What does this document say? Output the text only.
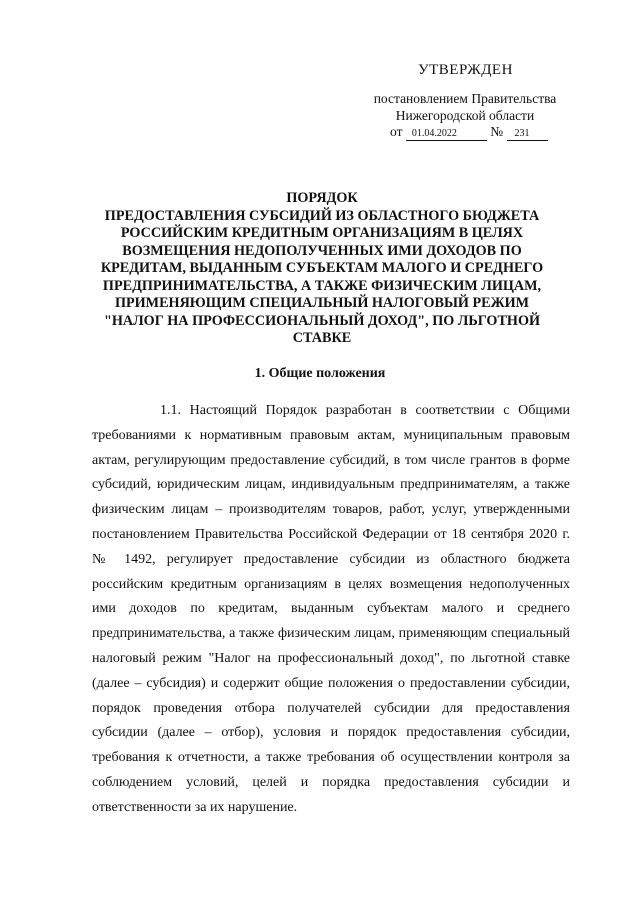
УТВЕРЖДЕН
постановлением Правительства
Нижегородской области
от 01.04.2022 № 231
ПОРЯДОК
ПРЕДОСТАВЛЕНИЯ СУБСИДИЙ ИЗ ОБЛАСТНОГО БЮДЖЕТА РОССИЙСКИМ КРЕДИТНЫМ ОРГАНИЗАЦИЯМ В ЦЕЛЯХ ВОЗМЕЩЕНИЯ НЕДОПОЛУЧЕННЫХ ИМИ ДОХОДОВ ПО КРЕДИТАМ, ВЫДАННЫМ СУБЪЕКТАМ МАЛОГО И СРЕДНЕГО ПРЕДПРИНИМАТЕЛЬСТВА, А ТАКЖЕ ФИЗИЧЕСКИМ ЛИЦАМ, ПРИМЕНЯЮЩИМ СПЕЦИАЛЬНЫЙ НАЛОГОВЫЙ РЕЖИМ "НАЛОГ НА ПРОФЕССИОНАЛЬНЫЙ ДОХОД", ПО ЛЬГОТНОЙ СТАВКЕ
1. Общие положения
1.1. Настоящий Порядок разработан в соответствии с Общими требованиями к нормативным правовым актам, муниципальным правовым актам, регулирующим предоставление субсидий, в том числе грантов в форме субсидий, юридическим лицам, индивидуальным предпринимателям, а также физическим лицам – производителям товаров, работ, услуг, утвержденными постановлением Правительства Российской Федерации от 18 сентября 2020 г. № 1492, регулирует предоставление субсидии из областного бюджета российским кредитным организациям в целях возмещения недополученных ими доходов по кредитам, выданным субъектам малого и среднего предпринимательства, а также физическим лицам, применяющим специальный налоговый режим "Налог на профессиональный доход", по льготной ставке (далее – субсидия) и содержит общие положения о предоставлении субсидии, порядок проведения отбора получателей субсидии для предоставления субсидии (далее – отбор), условия и порядок предоставления субсидии, требования к отчетности, а также требования об осуществлении контроля за соблюдением условий, целей и порядка предоставления субсидии и ответственности за их нарушение.
